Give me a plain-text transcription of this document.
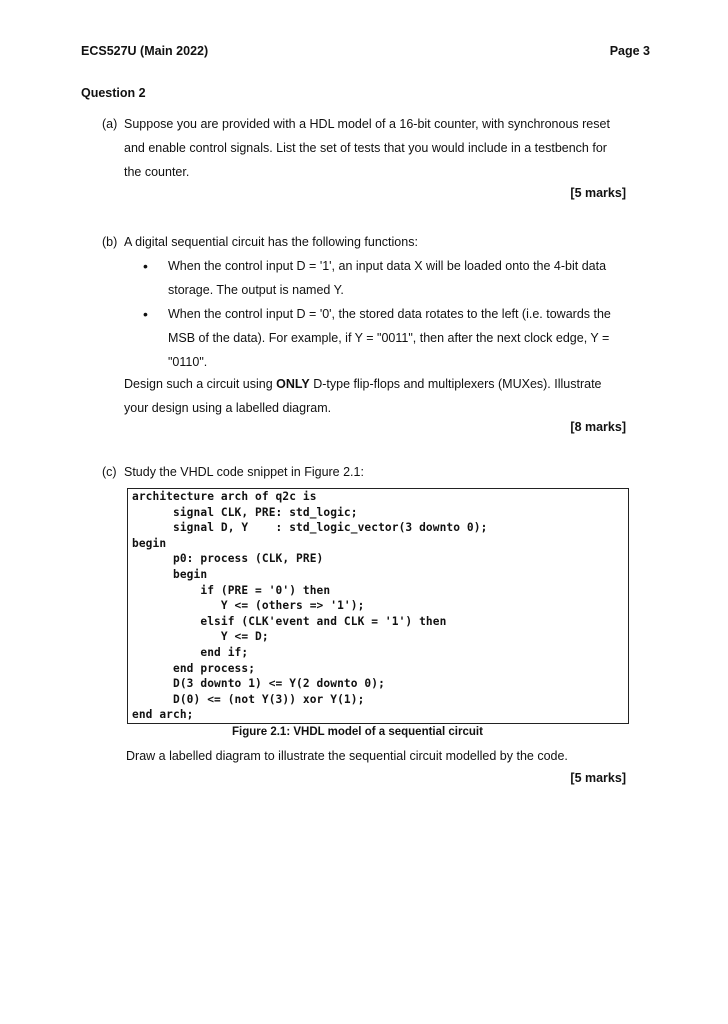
ECS527U (Main 2022)	Page 3
Question 2
(a) Suppose you are provided with a HDL model of a 16-bit counter, with synchronous reset
and enable control signals. List the set of tests that you would include in a testbench for
the counter.
[5 marks]
(b) A digital sequential circuit has the following functions:
• When the control input D = '1', an input data X will be loaded onto the 4-bit data
storage. The output is named Y.
• When the control input D = '0', the stored data rotates to the left (i.e. towards the
MSB of the data). For example, if Y = "0011", then after the next clock edge, Y =
"0110".
Design such a circuit using ONLY D-type flip-flops and multiplexers (MUXes). Illustrate
your design using a labelled diagram.
[8 marks]
(c) Study the VHDL code snippet in Figure 2.1:
architecture arch of q2c is
signal CLK, PRE: std_logic;
signal D, Y    : std_logic_vector(3 downto 0);
begin
p0: process (CLK, PRE)
begin
if (PRE = '0') then
Y <= (others => '1');
elsif (CLK'event and CLK = '1') then
Y <= D;
end if;
end process;
D(3 downto 1) <= Y(2 downto 0);
D(0) <= (not Y(3)) xor Y(1);
end arch;
Figure 2.1: VHDL model of a sequential circuit
Draw a labelled diagram to illustrate the sequential circuit modelled by the code.
[5 marks]
